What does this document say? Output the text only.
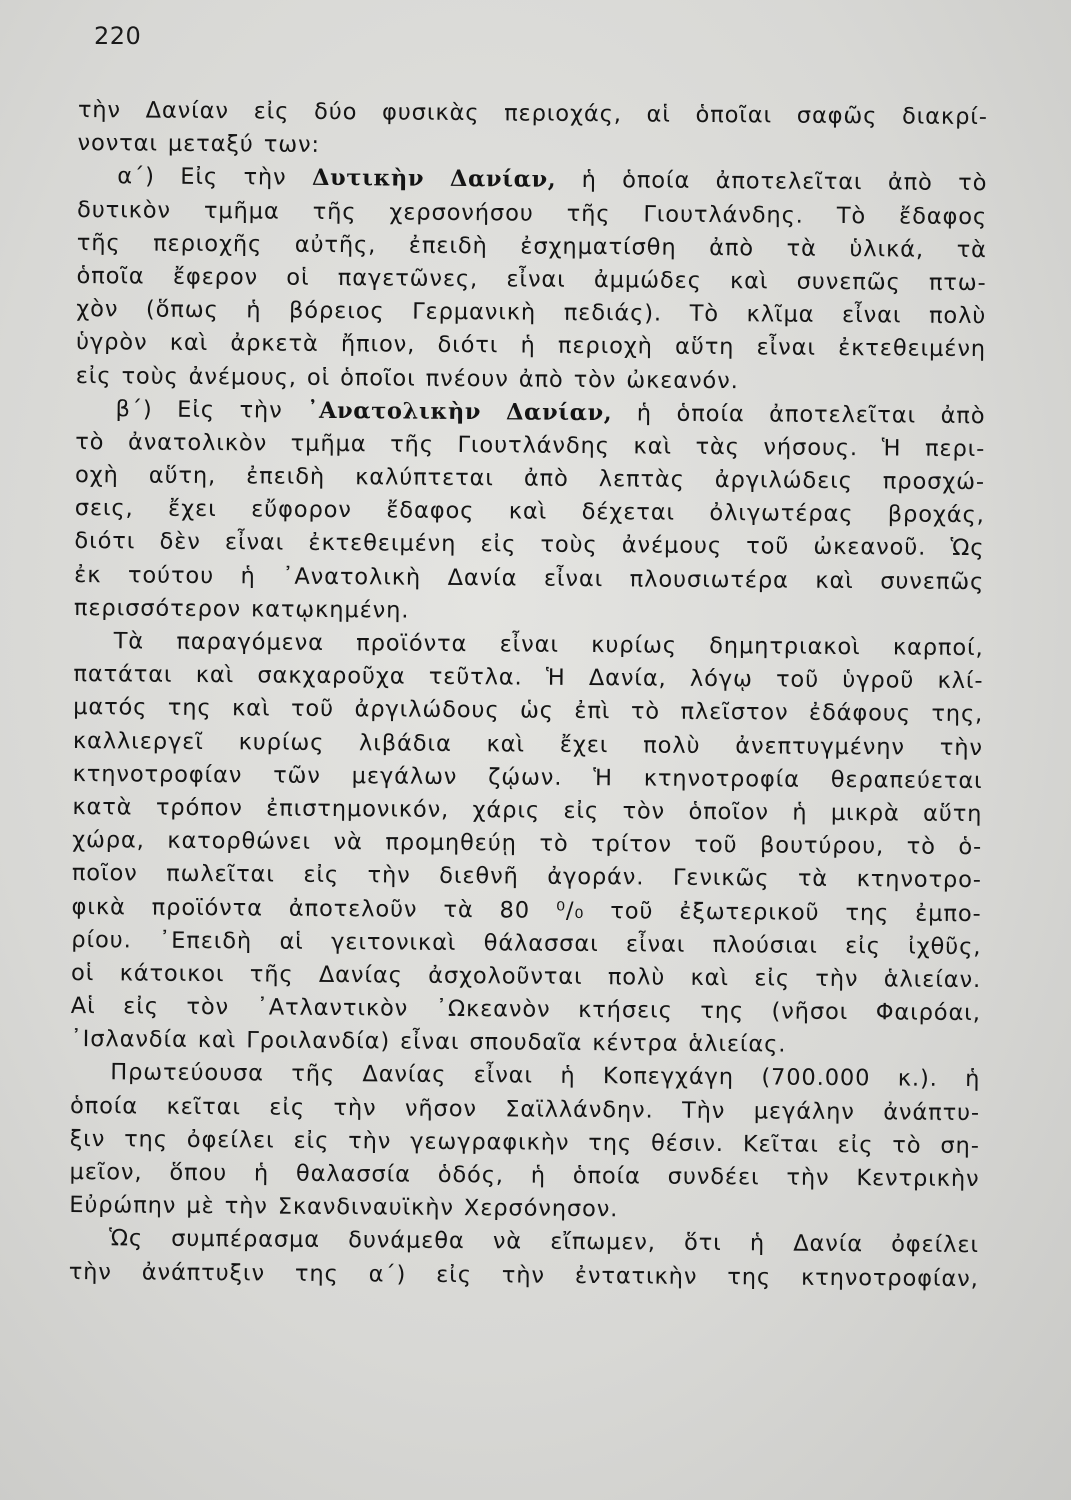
220
τὴν Δανίαν εἰς δύο φυσικὰς περιοχάς, αἱ ὁποῖαι σαφῶς διακρί-
νονται μεταξύ των:
α΄) Εἰς τὴν Δυτικὴν Δανίαν, ἡ ὁποία ἀποτελεῖται ἀπὸ τὸ
δυτικὸν τμῆμα τῆς χερσονήσου τῆς Γιουτλάνδης. Τὸ ἔδαφος
τῆς περιοχῆς αὐτῆς, ἐπειδὴ ἐσχηματίσθη ἀπὸ τὰ ὑλικά, τὰ
ὁποῖα ἔφερον οἱ παγετῶνες, εἶναι ἀμμώδες καὶ συνεπῶς πτω-
χὸν (ὅπως ἡ βόρειος Γερμανικὴ πεδιάς). Τὸ κλῖμα εἶναι πολὺ
ὑγρὸν καὶ ἀρκετὰ ἤπιον, διότι ἡ περιοχὴ αὕτη εἶναι ἐκτεθειμένη
εἰς τοὺς ἀνέμους, οἱ ὁποῖοι πνέουν ἀπὸ τὸν ὠκεανόν.
β΄) Εἰς τὴν ᾿Ανατολικὴν Δανίαν, ἡ ὁποία ἀποτελεῖται ἀπὸ
τὸ ἀνατολικὸν τμῆμα τῆς Γιουτλάνδης καὶ τὰς νήσους. Ἡ περι-
οχὴ αὕτη, ἐπειδὴ καλύπτεται ἀπὸ λεπτὰς ἀργιλώδεις προσχώ-
σεις, ἔχει εὔφορον ἔδαφος καὶ δέχεται ὀλιγωτέρας βροχάς,
διότι δὲν εἶναι ἐκτεθειμένη εἰς τοὺς ἀνέμους τοῦ ὠκεανοῦ. Ὡς
ἐκ τούτου ἡ ᾿Ανατολικὴ Δανία εἶναι πλουσιωτέρα καὶ συνεπῶς
περισσότερον κατῳκημένη.
Τὰ παραγόμενα προϊόντα εἶναι κυρίως δημητριακοὶ καρποί,
πατάται καὶ σακχαροῦχα τεῦτλα. Ἡ Δανία, λόγῳ τοῦ ὑγροῦ κλί-
ματός της καὶ τοῦ ἀργιλώδους ὡς ἐπὶ τὸ πλεῖστον ἐδάφους της,
καλλιεργεῖ κυρίως λιβάδια καὶ ἔχει πολὺ ἀνεπτυγμένην τὴν
κτηνοτροφίαν τῶν μεγάλων ζῴων. Ἡ κτηνοτροφία θεραπεύεται
κατὰ τρόπον ἐπιστημονικόν, χάρις εἰς τὸν ὁποῖον ἡ μικρὰ αὕτη
χώρα, κατορθώνει νὰ προμηθεύῃ τὸ τρίτον τοῦ βουτύρου, τὸ ὁ-
ποῖον πωλεῖται εἰς τὴν διεθνῆ ἀγοράν. Γενικῶς τὰ κτηνοτρο-
φικὰ προϊόντα ἀποτελοῦν τὰ 80 ⁰/₀ τοῦ ἐξωτερικοῦ της ἐμπο-
ρίου. ᾿Επειδὴ αἱ γειτονικαὶ θάλασσαι εἶναι πλούσιαι εἰς ἰχθῦς,
οἱ κάτοικοι τῆς Δανίας ἀσχολοῦνται πολὺ καὶ εἰς τὴν ἁλιείαν.
Αἱ εἰς τὸν ᾿Ατλαντικὸν ᾿Ωκεανὸν κτήσεις της (νῆσοι Φαιρόαι,
᾿Ισλανδία καὶ Γροιλανδία) εἶναι σπουδαῖα κέντρα ἁλιείας.
Πρωτεύουσα τῆς Δανίας εἶναι ἡ Κοπεγχάγη (700.000 κ.). ἡ
ὁποία κεῖται εἰς τὴν νῆσον Σαϊλλάνδην. Τὴν μεγάλην ἀνάπτυ-
ξιν της ὀφείλει εἰς τὴν γεωγραφικὴν της θέσιν. Κεῖται εἰς τὸ ση-
μεῖον, ὅπου ἡ θαλασσία ὁδός, ἡ ὁποία συνδέει τὴν Κεντρικὴν
Εὐρώπην μὲ τὴν Σκανδιναυϊκὴν Χερσόνησον.
Ὡς συμπέρασμα δυνάμεθα νὰ εἴπωμεν, ὅτι ἡ Δανία ὀφείλει
τὴν ἀνάπτυξιν της α΄) εἰς τὴν ἐντατικὴν της κτηνοτροφίαν,
